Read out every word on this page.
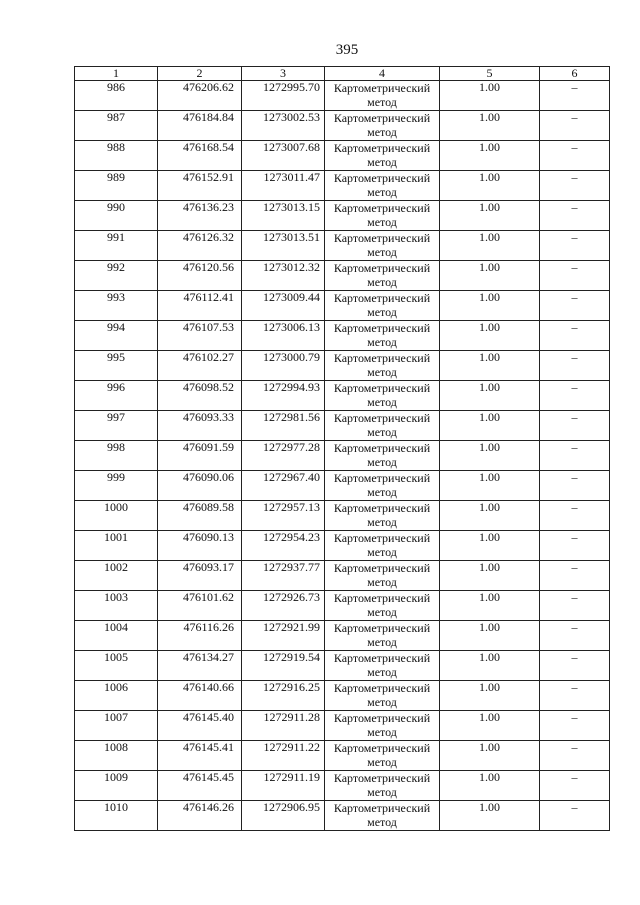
395
1	2	3	4	5	6
986	476206.62	1272995.70	Картометрический метод	1.00	–
987	476184.84	1273002.53	Картометрический метод	1.00	–
988	476168.54	1273007.68	Картометрический метод	1.00	–
989	476152.91	1273011.47	Картометрический метод	1.00	–
990	476136.23	1273013.15	Картометрический метод	1.00	–
991	476126.32	1273013.51	Картометрический метод	1.00	–
992	476120.56	1273012.32	Картометрический метод	1.00	–
993	476112.41	1273009.44	Картометрический метод	1.00	–
994	476107.53	1273006.13	Картометрический метод	1.00	–
995	476102.27	1273000.79	Картометрический метод	1.00	–
996	476098.52	1272994.93	Картометрический метод	1.00	–
997	476093.33	1272981.56	Картометрический метод	1.00	–
998	476091.59	1272977.28	Картометрический метод	1.00	–
999	476090.06	1272967.40	Картометрический метод	1.00	–
1000	476089.58	1272957.13	Картометрический метод	1.00	–
1001	476090.13	1272954.23	Картометрический метод	1.00	–
1002	476093.17	1272937.77	Картометрический метод	1.00	–
1003	476101.62	1272926.73	Картометрический метод	1.00	–
1004	476116.26	1272921.99	Картометрический метод	1.00	–
1005	476134.27	1272919.54	Картометрический метод	1.00	–
1006	476140.66	1272916.25	Картометрический метод	1.00	–
1007	476145.40	1272911.28	Картометрический метод	1.00	–
1008	476145.41	1272911.22	Картометрический метод	1.00	–
1009	476145.45	1272911.19	Картометрический метод	1.00	–
1010	476146.26	1272906.95	Картометрический метод	1.00	–
